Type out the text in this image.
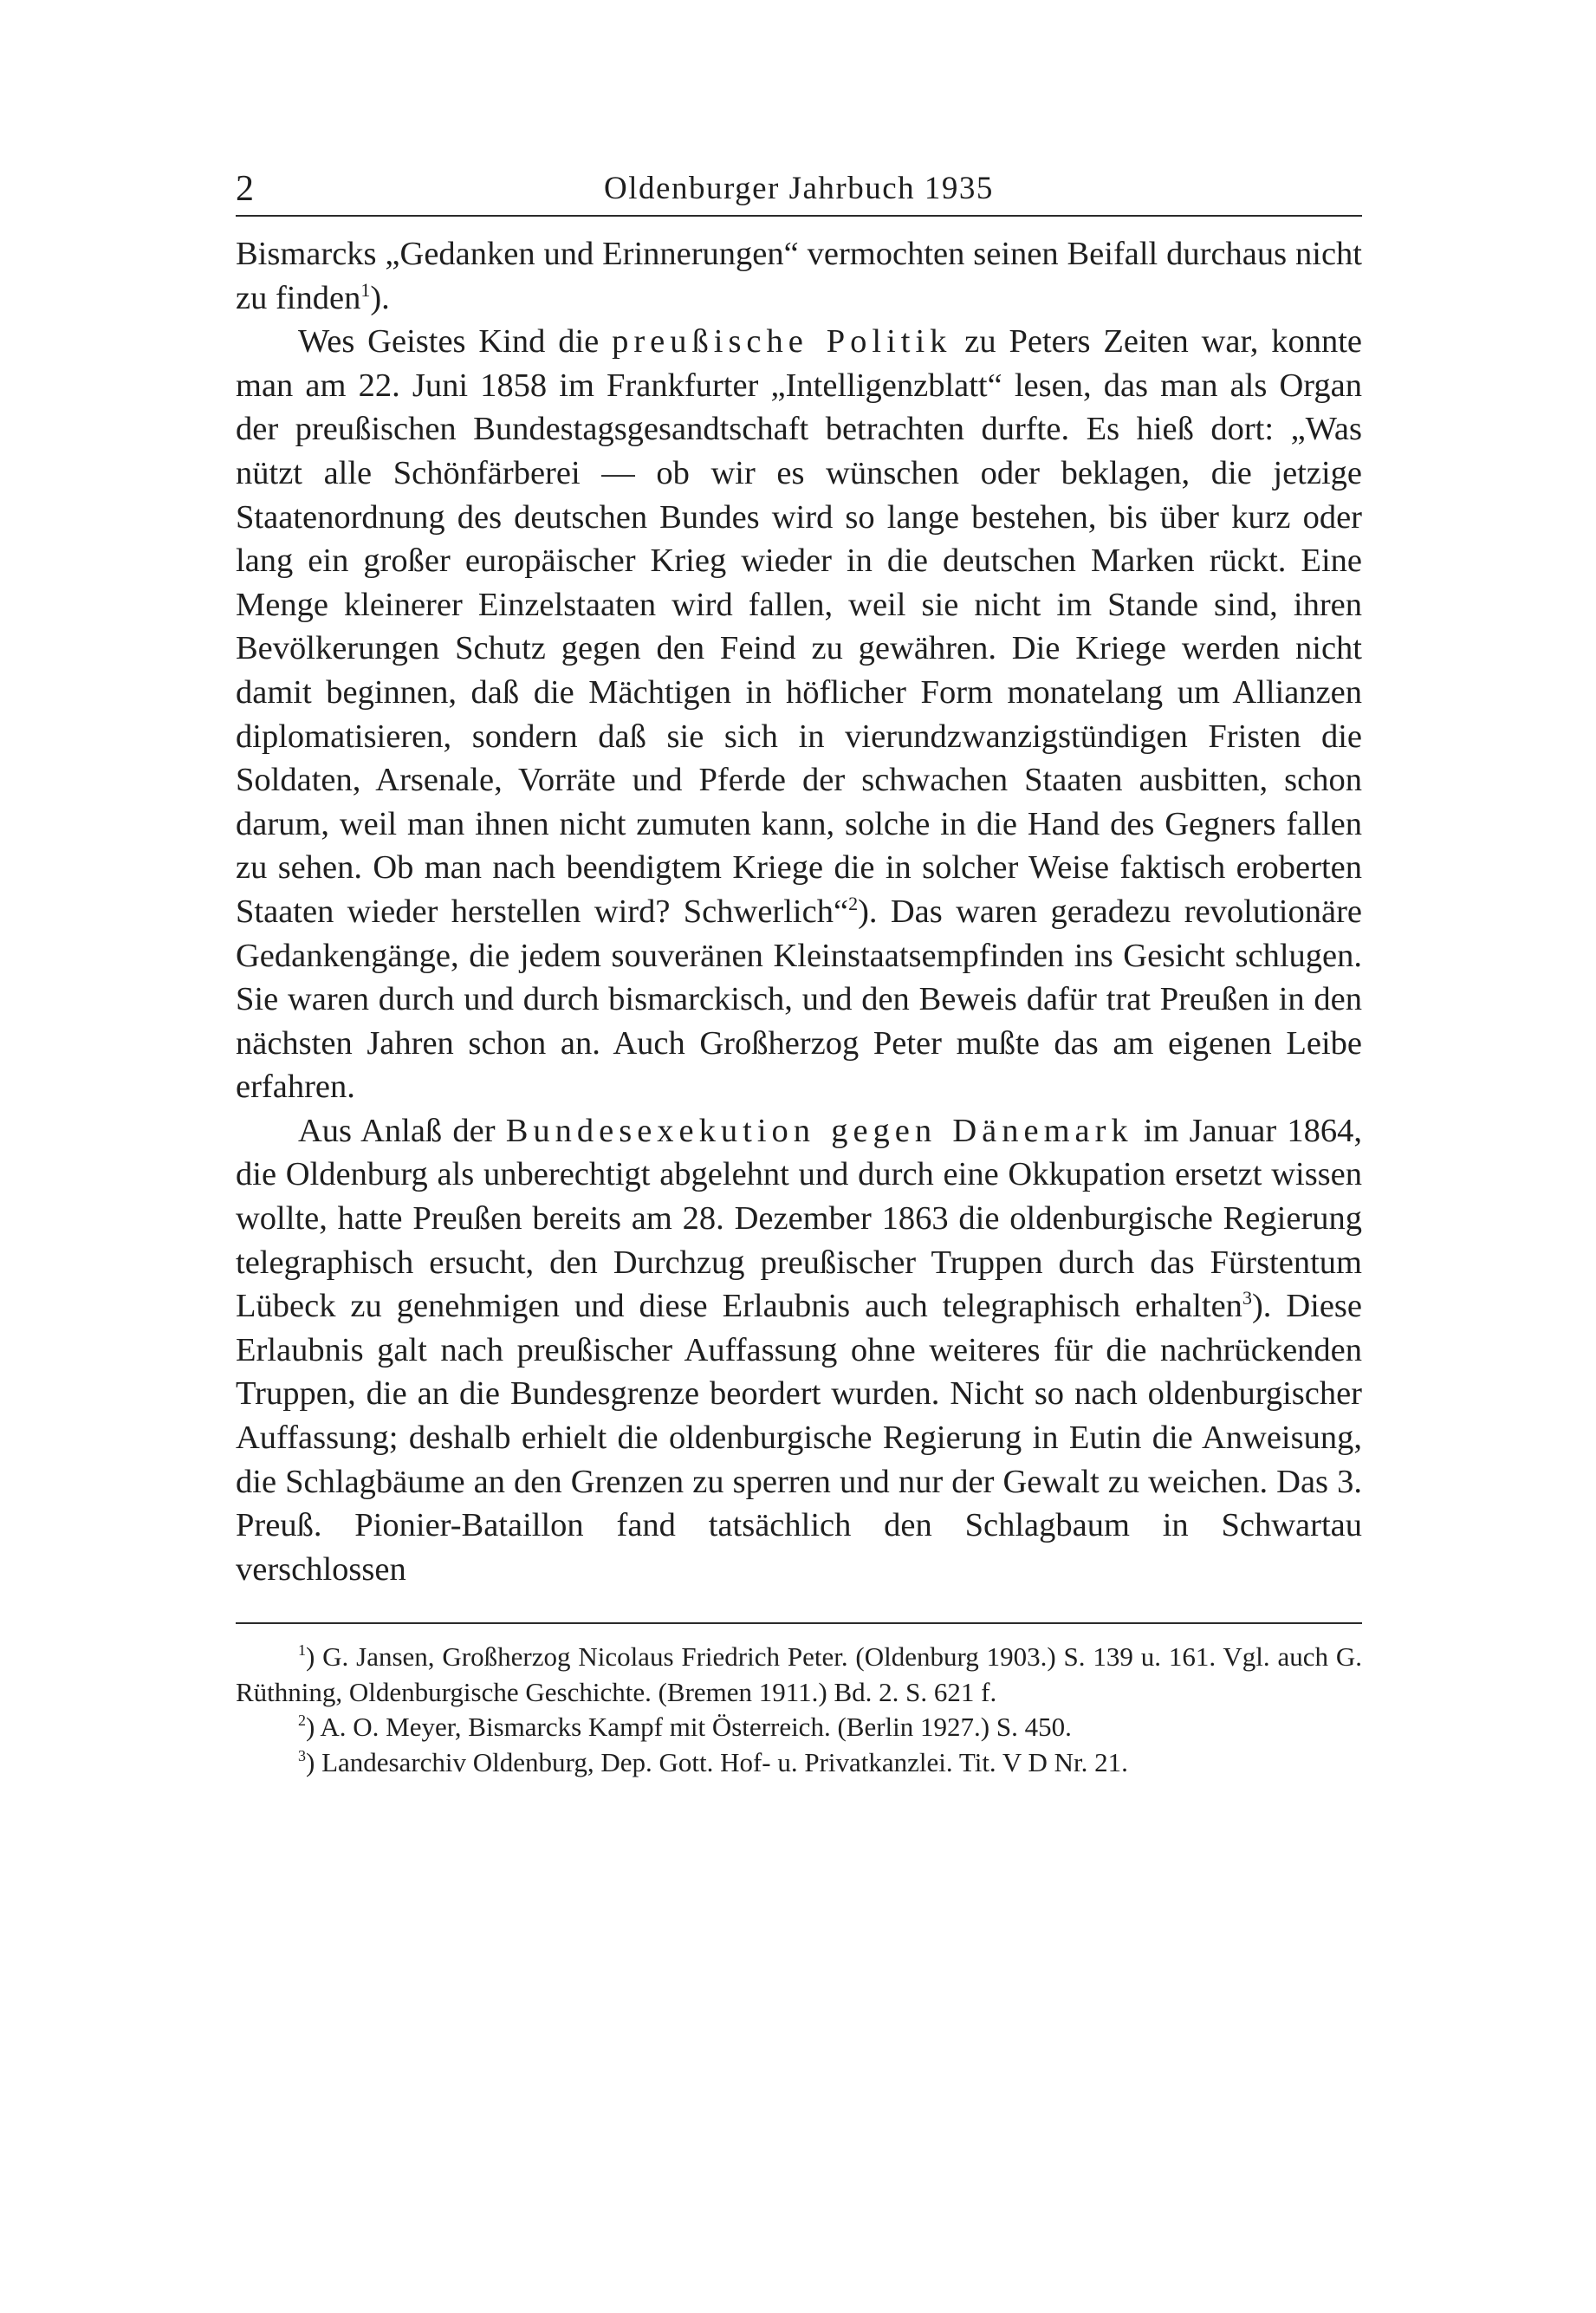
2	Oldenburger Jahrbuch 1935

Bismarcks „Gedanken und Erinnerungen“ vermochten seinen Beifall durchaus nicht zu finden$^1$).

Wes Geistes Kind die preußische Politik zu Peters Zeiten war, konnte man am 22. Juni 1858 im Frankfurter „Intelligenzblatt“ lesen, das man als Organ der preußischen Bundestagsgesandtschaft betrachten durfte. Es hieß dort: „Was nützt alle Schönfärberei — ob wir es wünschen oder beklagen, die jetzige Staatenordnung des deutschen Bundes wird so lange bestehen, bis über kurz oder lang ein großer europäischer Krieg wieder in die deutschen Marken rückt. Eine Menge kleinerer Einzelstaaten wird fallen, weil sie nicht im Stande sind, ihren Bevölkerungen Schutz gegen den Feind zu gewähren. Die Kriege werden nicht damit beginnen, daß die Mächtigen in höflicher Form monatelang um Allianzen diplomatisieren, sondern daß sie sich in vierundzwanzigstündigen Fristen die Soldaten, Arsenale, Vorräte und Pferde der schwachen Staaten ausbitten, schon darum, weil man ihnen nicht zumuten kann, solche in die Hand des Gegners fallen zu sehen. Ob man nach beendigtem Kriege die in solcher Weise faktisch eroberten Staaten wieder herstellen wird? Schwerlich“$^2$). Das waren geradezu revolutionäre Gedankengänge, die jedem souveränen Kleinstaatsempfinden ins Gesicht schlugen. Sie waren durch und durch bismarckisch, und den Beweis dafür trat Preußen in den nächsten Jahren schon an. Auch Großherzog Peter mußte das am eigenen Leibe erfahren.

Aus Anlaß der Bundesexekution gegen Dänemark im Januar 1864, die Oldenburg als unberechtigt abgelehnt und durch eine Okkupation ersetzt wissen wollte, hatte Preußen bereits am 28. Dezember 1863 die oldenburgische Regierung telegraphisch ersucht, den Durchzug preußischer Truppen durch das Fürstentum Lübeck zu genehmigen und diese Erlaubnis auch telegraphisch erhalten$^3$). Diese Erlaubnis galt nach preußischer Auffassung ohne weiteres für die nachrückenden Truppen, die an die Bundesgrenze beordert wurden. Nicht so nach oldenburgischer Auffassung; deshalb erhielt die oldenburgische Regierung in Eutin die Anweisung, die Schlagbäume an den Grenzen zu sperren und nur der Gewalt zu weichen. Das 3. Preuß. Pionier-Bataillon fand tatsächlich den Schlagbaum in Schwartau verschlossen

$^1$) G. Jansen, Großherzog Nicolaus Friedrich Peter. (Oldenburg 1903.) S. 139 u. 161. Vgl. auch G. Rüthning, Oldenburgische Geschichte. (Bremen 1911.) Bd. 2. S. 621 f.

$^2$) A. O. Meyer, Bismarcks Kampf mit Österreich. (Berlin 1927.) S. 450.

$^3$) Landesarchiv Oldenburg, Dep. Gott. Hof- u. Privatkanzlei. Tit. V D Nr. 21.
